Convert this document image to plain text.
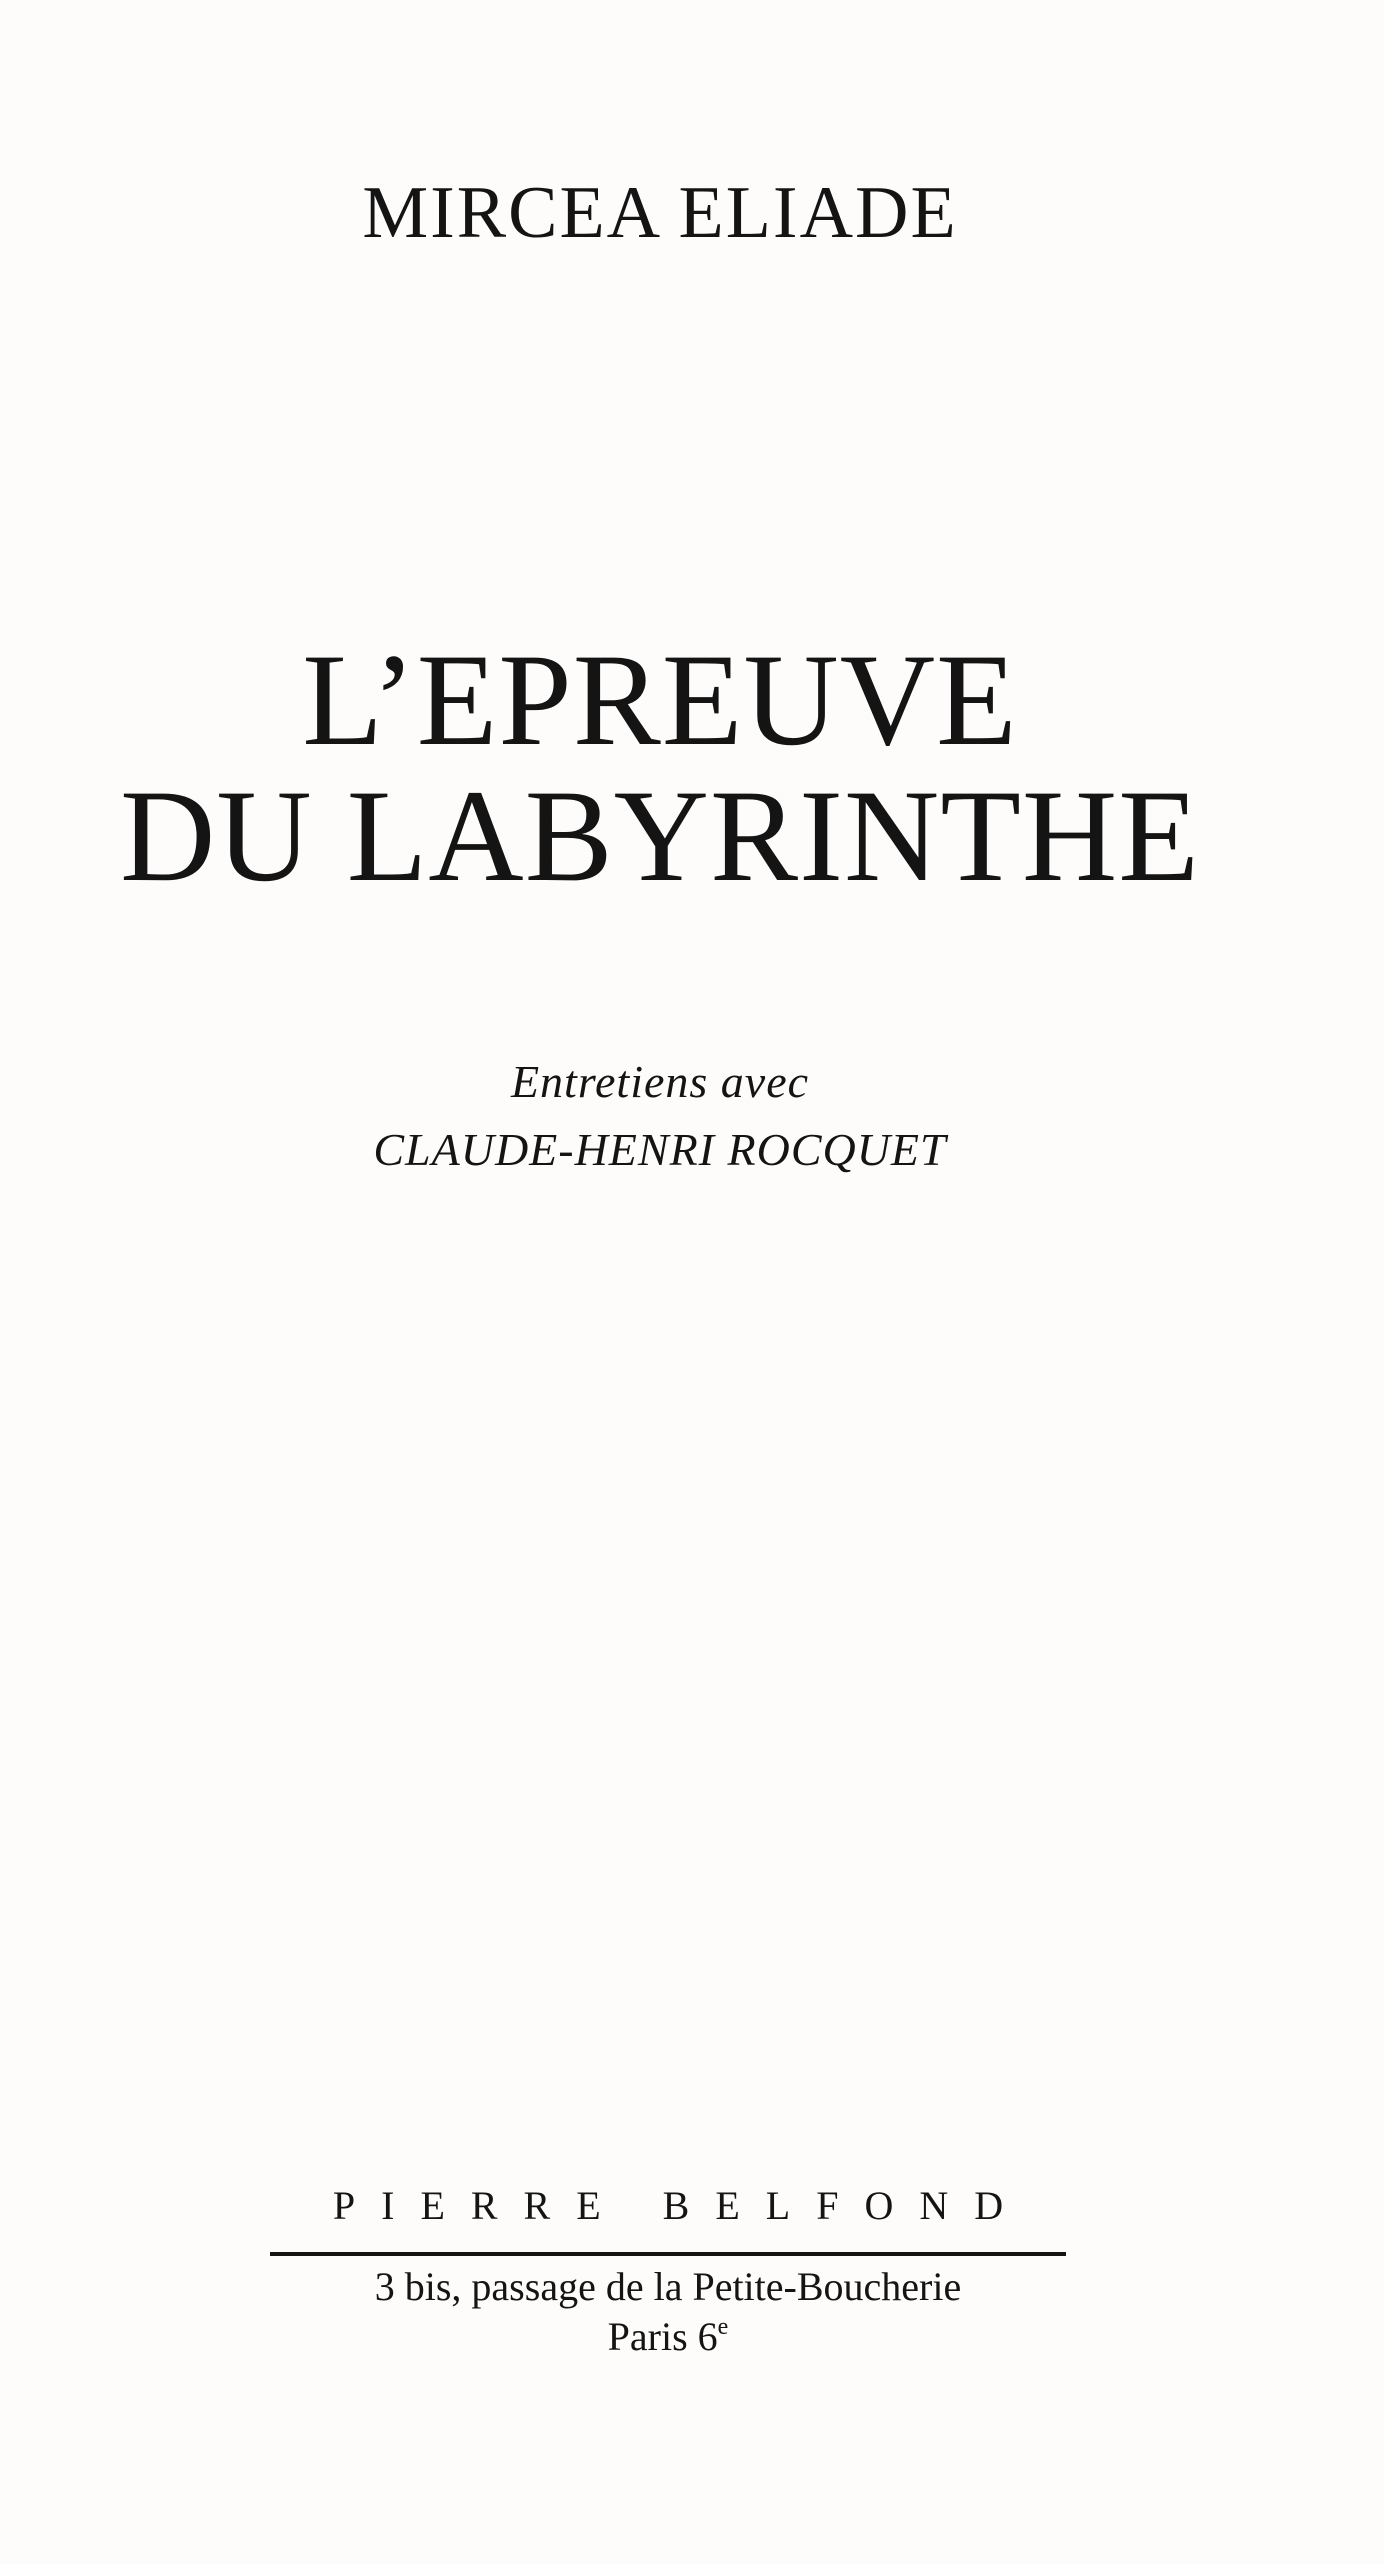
MIRCEA ELIADE
L’EPREUVE
DU LABYRINTHE
Entretiens avec
CLAUDE-HENRI ROCQUET
PIERRE BELFOND
3 bis, passage de la Petite-Boucherie
Paris 6e
